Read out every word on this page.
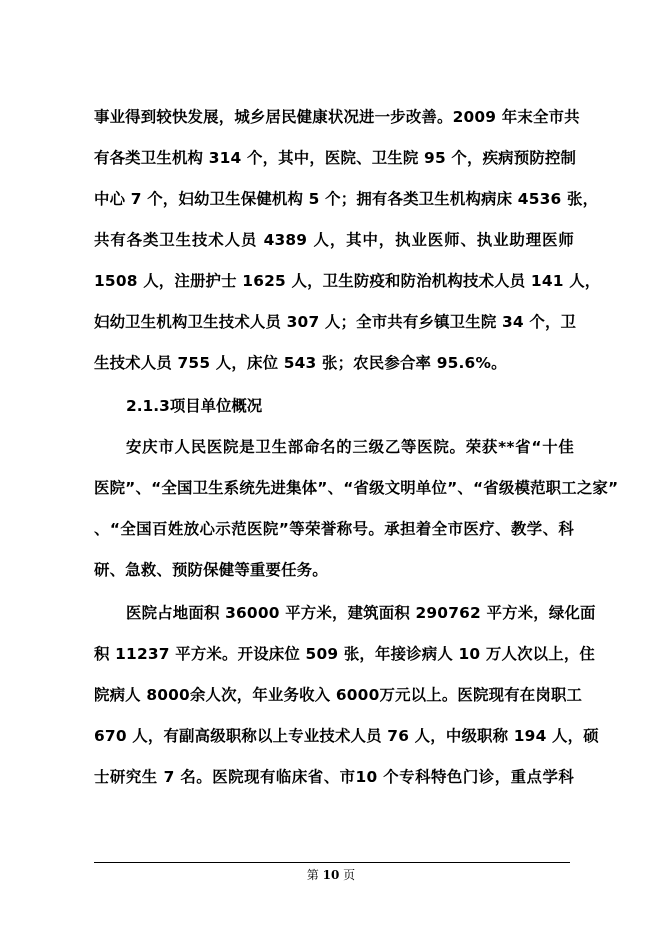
事业得到较快发展，城乡居民健康状况进一步改善。2009 年末全市共
有各类卫生机构 314 个，其中，医院、卫生院 95 个，疾病预防控制
中心 7 个，妇幼卫生保健机构 5 个；拥有各类卫生机构病床 4536 张，
共有各类卫生技术人员 4389 人，其中，执业医师、执业助理医师
1508 人，注册护士 1625 人，卫生防疫和防治机构技术人员 141 人，
妇幼卫生机构卫生技术人员 307 人；全市共有乡镇卫生院 34 个，卫
生技术人员 755 人，床位 543 张；农民参合率 95.6%。
2.1.3项目单位概况
安庆市人民医院是卫生部命名的三级乙等医院。荣获**省“十佳
医院”、“全国卫生系统先进集体”、“省级文明单位”、“省级模范职工之家”
、“全国百姓放心示范医院”等荣誉称号。承担着全市医疗、教学、科
研、急救、预防保健等重要任务。
医院占地面积 36000 平方米，建筑面积 290762 平方米，绿化面
积 11237 平方米。开设床位 509 张，年接诊病人 10 万人次以上，住
院病人 8000余人次，年业务收入 6000万元以上。医院现有在岗职工
670 人，有副高级职称以上专业技术人员 76 人，中级职称 194 人，硕
士研究生 7 名。医院现有临床省、市10 个专科特色门诊，重点学科
第 10 页
